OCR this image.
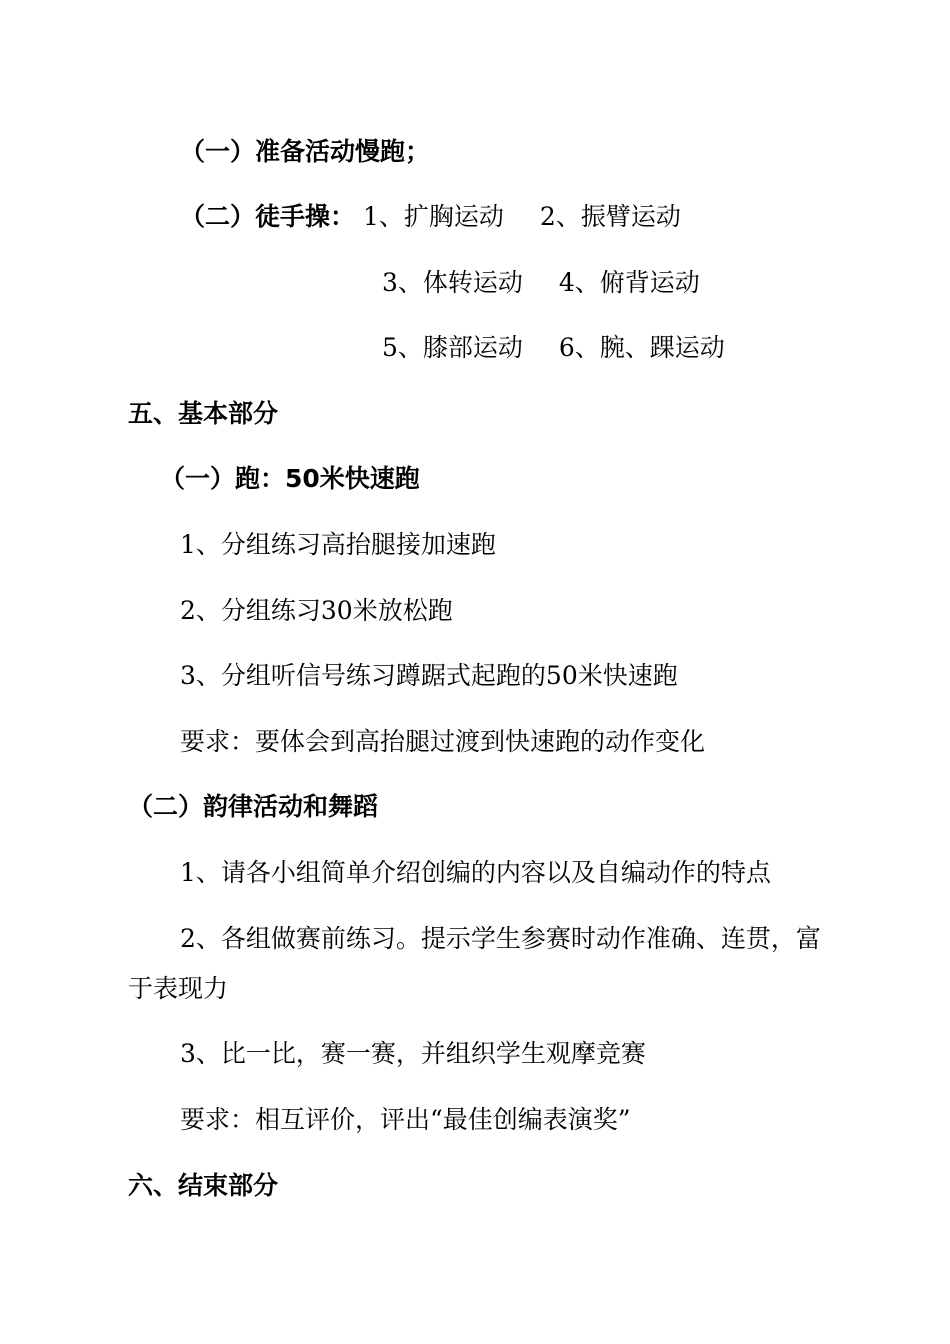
（一）准备活动慢跑；
（二）徒手操： 1、扩胸运动 2、振臂运动
3、体转运动 4、俯背运动
5、膝部运动 6、腕、踝运动
五、基本部分
（一）跑：50米快速跑
1、分组练习高抬腿接加速跑
2、分组练习30米放松跑
3、分组听信号练习蹲踞式起跑的50米快速跑
要求：要体会到高抬腿过渡到快速跑的动作变化
（二）韵律活动和舞蹈
1、请各小组简单介绍创编的内容以及自编动作的特点
2、各组做赛前练习。提示学生参赛时动作准确、连贯，富
于表现力
3、比一比，赛一赛，并组织学生观摩竞赛
要求：相互评价，评出“最佳创编表演奖”
六、结束部分
